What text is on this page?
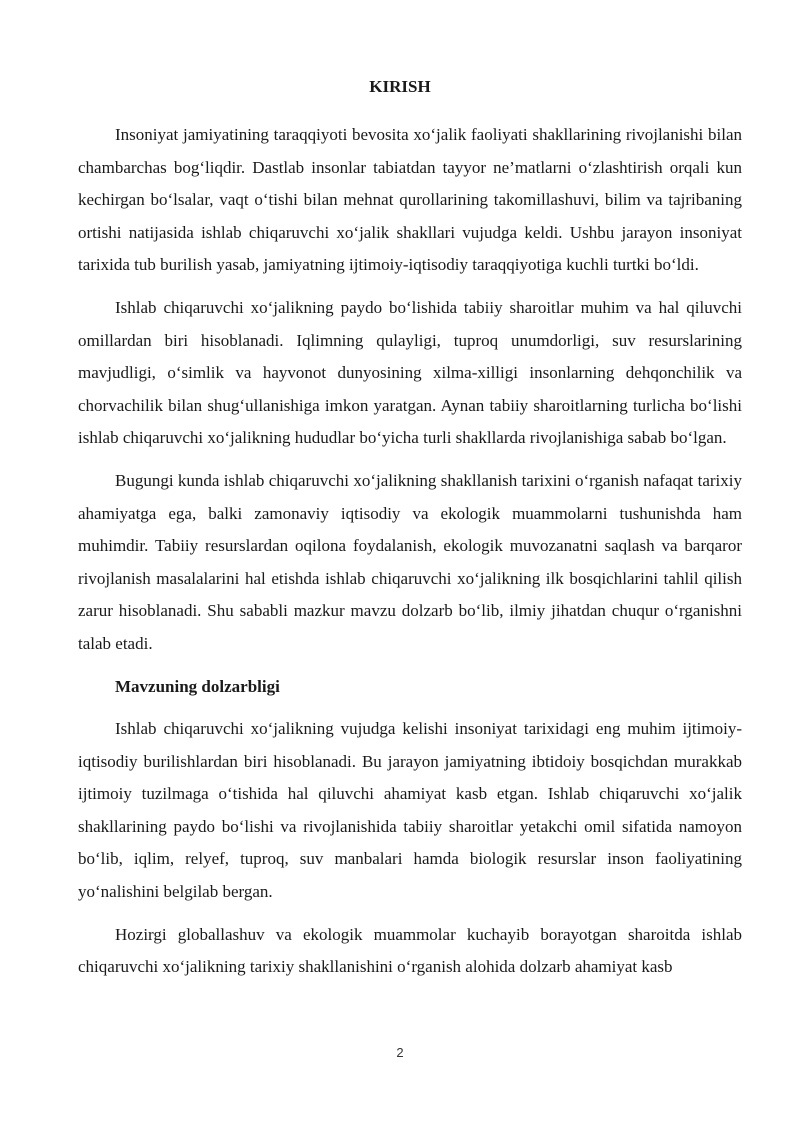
KIRISH

Insoniyat jamiyatining taraqqiyoti bevosita xo‘jalik faoliyati shakllarining rivojlanishi bilan chambarchas bog‘liqdir. Dastlab insonlar tabiatdan tayyor ne’matlarni o‘zlashtirish orqali kun kechirgan bo‘lsalar, vaqt o‘tishi bilan mehnat qurollarining takomillashuvi, bilim va tajribaning ortishi natijasida ishlab chiqaruvchi xo‘jalik shakllari vujudga keldi. Ushbu jarayon insoniyat tarixida tub burilish yasab, jamiyatning ijtimoiy-iqtisodiy taraqqiyotiga kuchli turtki bo‘ldi.

Ishlab chiqaruvchi xo‘jalikning paydo bo‘lishida tabiiy sharoitlar muhim va hal qiluvchi omillardan biri hisoblanadi. Iqlimning qulayligi, tuproq unumdorligi, suv resurslarining mavjudligi, o‘simlik va hayvonot dunyosining xilma-xilligi insonlarning dehqonchilik va chorvachilik bilan shug‘ullanishiga imkon yaratgan. Aynan tabiiy sharoitlarning turlicha bo‘lishi ishlab chiqaruvchi xo‘jalikning hududlar bo‘yicha turli shakllarda rivojlanishiga sabab bo‘lgan.

Bugungi kunda ishlab chiqaruvchi xo‘jalikning shakllanish tarixini o‘rganish nafaqat tarixiy ahamiyatga ega, balki zamonaviy iqtisodiy va ekologik muammolarni tushunishda ham muhimdir. Tabiiy resurslardan oqilona foydalanish, ekologik muvozanatni saqlash va barqaror rivojlanish masalalarini hal etishda ishlab chiqaruvchi xo‘jalikning ilk bosqichlarini tahlil qilish zarur hisoblanadi. Shu sababli mazkur mavzu dolzarb bo‘lib, ilmiy jihatdan chuqur o‘rganishni talab etadi.

Mavzuning dolzarbligi

Ishlab chiqaruvchi xo‘jalikning vujudga kelishi insoniyat tarixidagi eng muhim ijtimoiy-iqtisodiy burilishlardan biri hisoblanadi. Bu jarayon jamiyatning ibtidoiy bosqichdan murakkab ijtimoiy tuzilmaga o‘tishida hal qiluvchi ahamiyat kasb etgan. Ishlab chiqaruvchi xo‘jalik shakllarining paydo bo‘lishi va rivojlanishida tabiiy sharoitlar yetakchi omil sifatida namoyon bo‘lib, iqlim, relyef, tuproq, suv manbalari hamda biologik resurslar inson faoliyatining yo‘nalishini belgilab bergan.

Hozirgi globallashuv va ekologik muammolar kuchayib borayotgan sharoitda ishlab chiqaruvchi xo‘jalikning tarixiy shakllanishini o‘rganish alohida dolzarb ahamiyat kasb

2
